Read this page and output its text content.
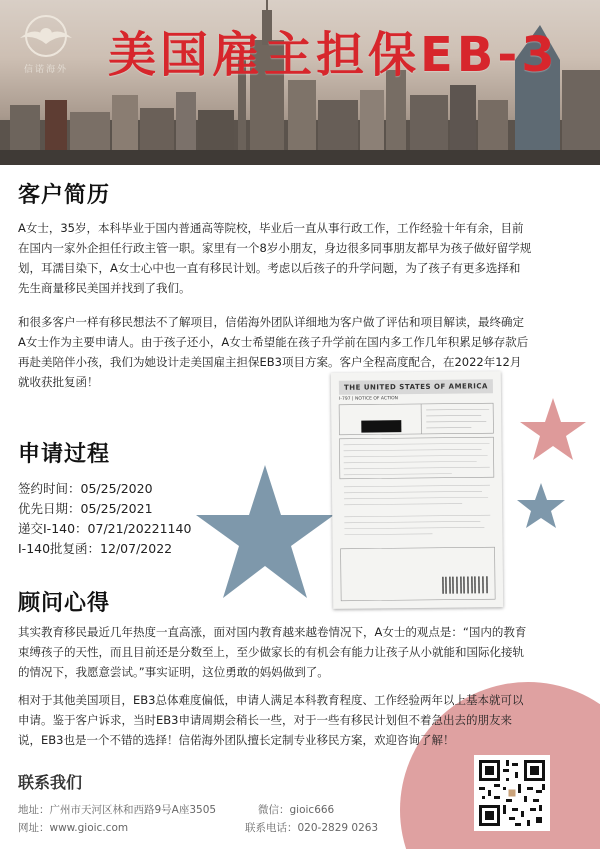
信诺海外 美国雇主担保EB-3
客户简历
A女士，35岁，本科毕业于国内普通高等院校，毕业后一直从事行政工作，工作经验十年有余，目前
在国内一家外企担任行政主管一职。家里有一个8岁小朋友，身边很多同事朋友都早为孩子做好留学规
划，耳濡目染下，A女士心中也一直有移民计划。考虑以后孩子的升学问题，为了孩子有更多选择和
先生商量移民美国并找到了我们。
和很多客户一样有移民想法不了解项目，信偌海外团队详细地为客户做了评估和项目解读，最终确定
A女士作为主要申请人。由于孩子还小，A女士希望能在孩子升学前在国内多工作几年积累足够存款后
再赴美陪伴小孩，我们为她设计走美国雇主担保EB3项目方案。客户全程高度配合，在2022年12月
就收获批复函！	THE UNITED STATES OF AMERICA
I-797 | NOTICE OF ACTION
申请过程
签约时间：05/25/2020
优先日期：05/25/2021
递交I-140：07/21/20221140
I-140批复函：12/07/2022
顾问心得
其实教育移民最近几年热度一直高涨，面对国内教育越来越卷情况下，A女士的观点是：“国内的教育
束缚孩子的天性，而且目前还是分数至上，至少做家长的有机会有能力让孩子从小就能和国际化接轨
的情况下，我愿意尝试。”事实证明，这位勇敢的妈妈做到了。
相对于其他美国项目，EB3总体难度偏低，申请人满足本科教育程度、工作经验两年以上基本就可以
申请。鉴于客户诉求，当时EB3申请周期会稍长一些，对于一些有移民计划但不着急出去的朋友来
说，EB3也是一个不错的选择！信偌海外团队擅长定制专业移民方案，欢迎咨询了解！
联系我们
地址：广州市天河区林和西路9号A座3505	微信：gioic666
网址：www.gioic.com	联系电话：020-2829 0263
